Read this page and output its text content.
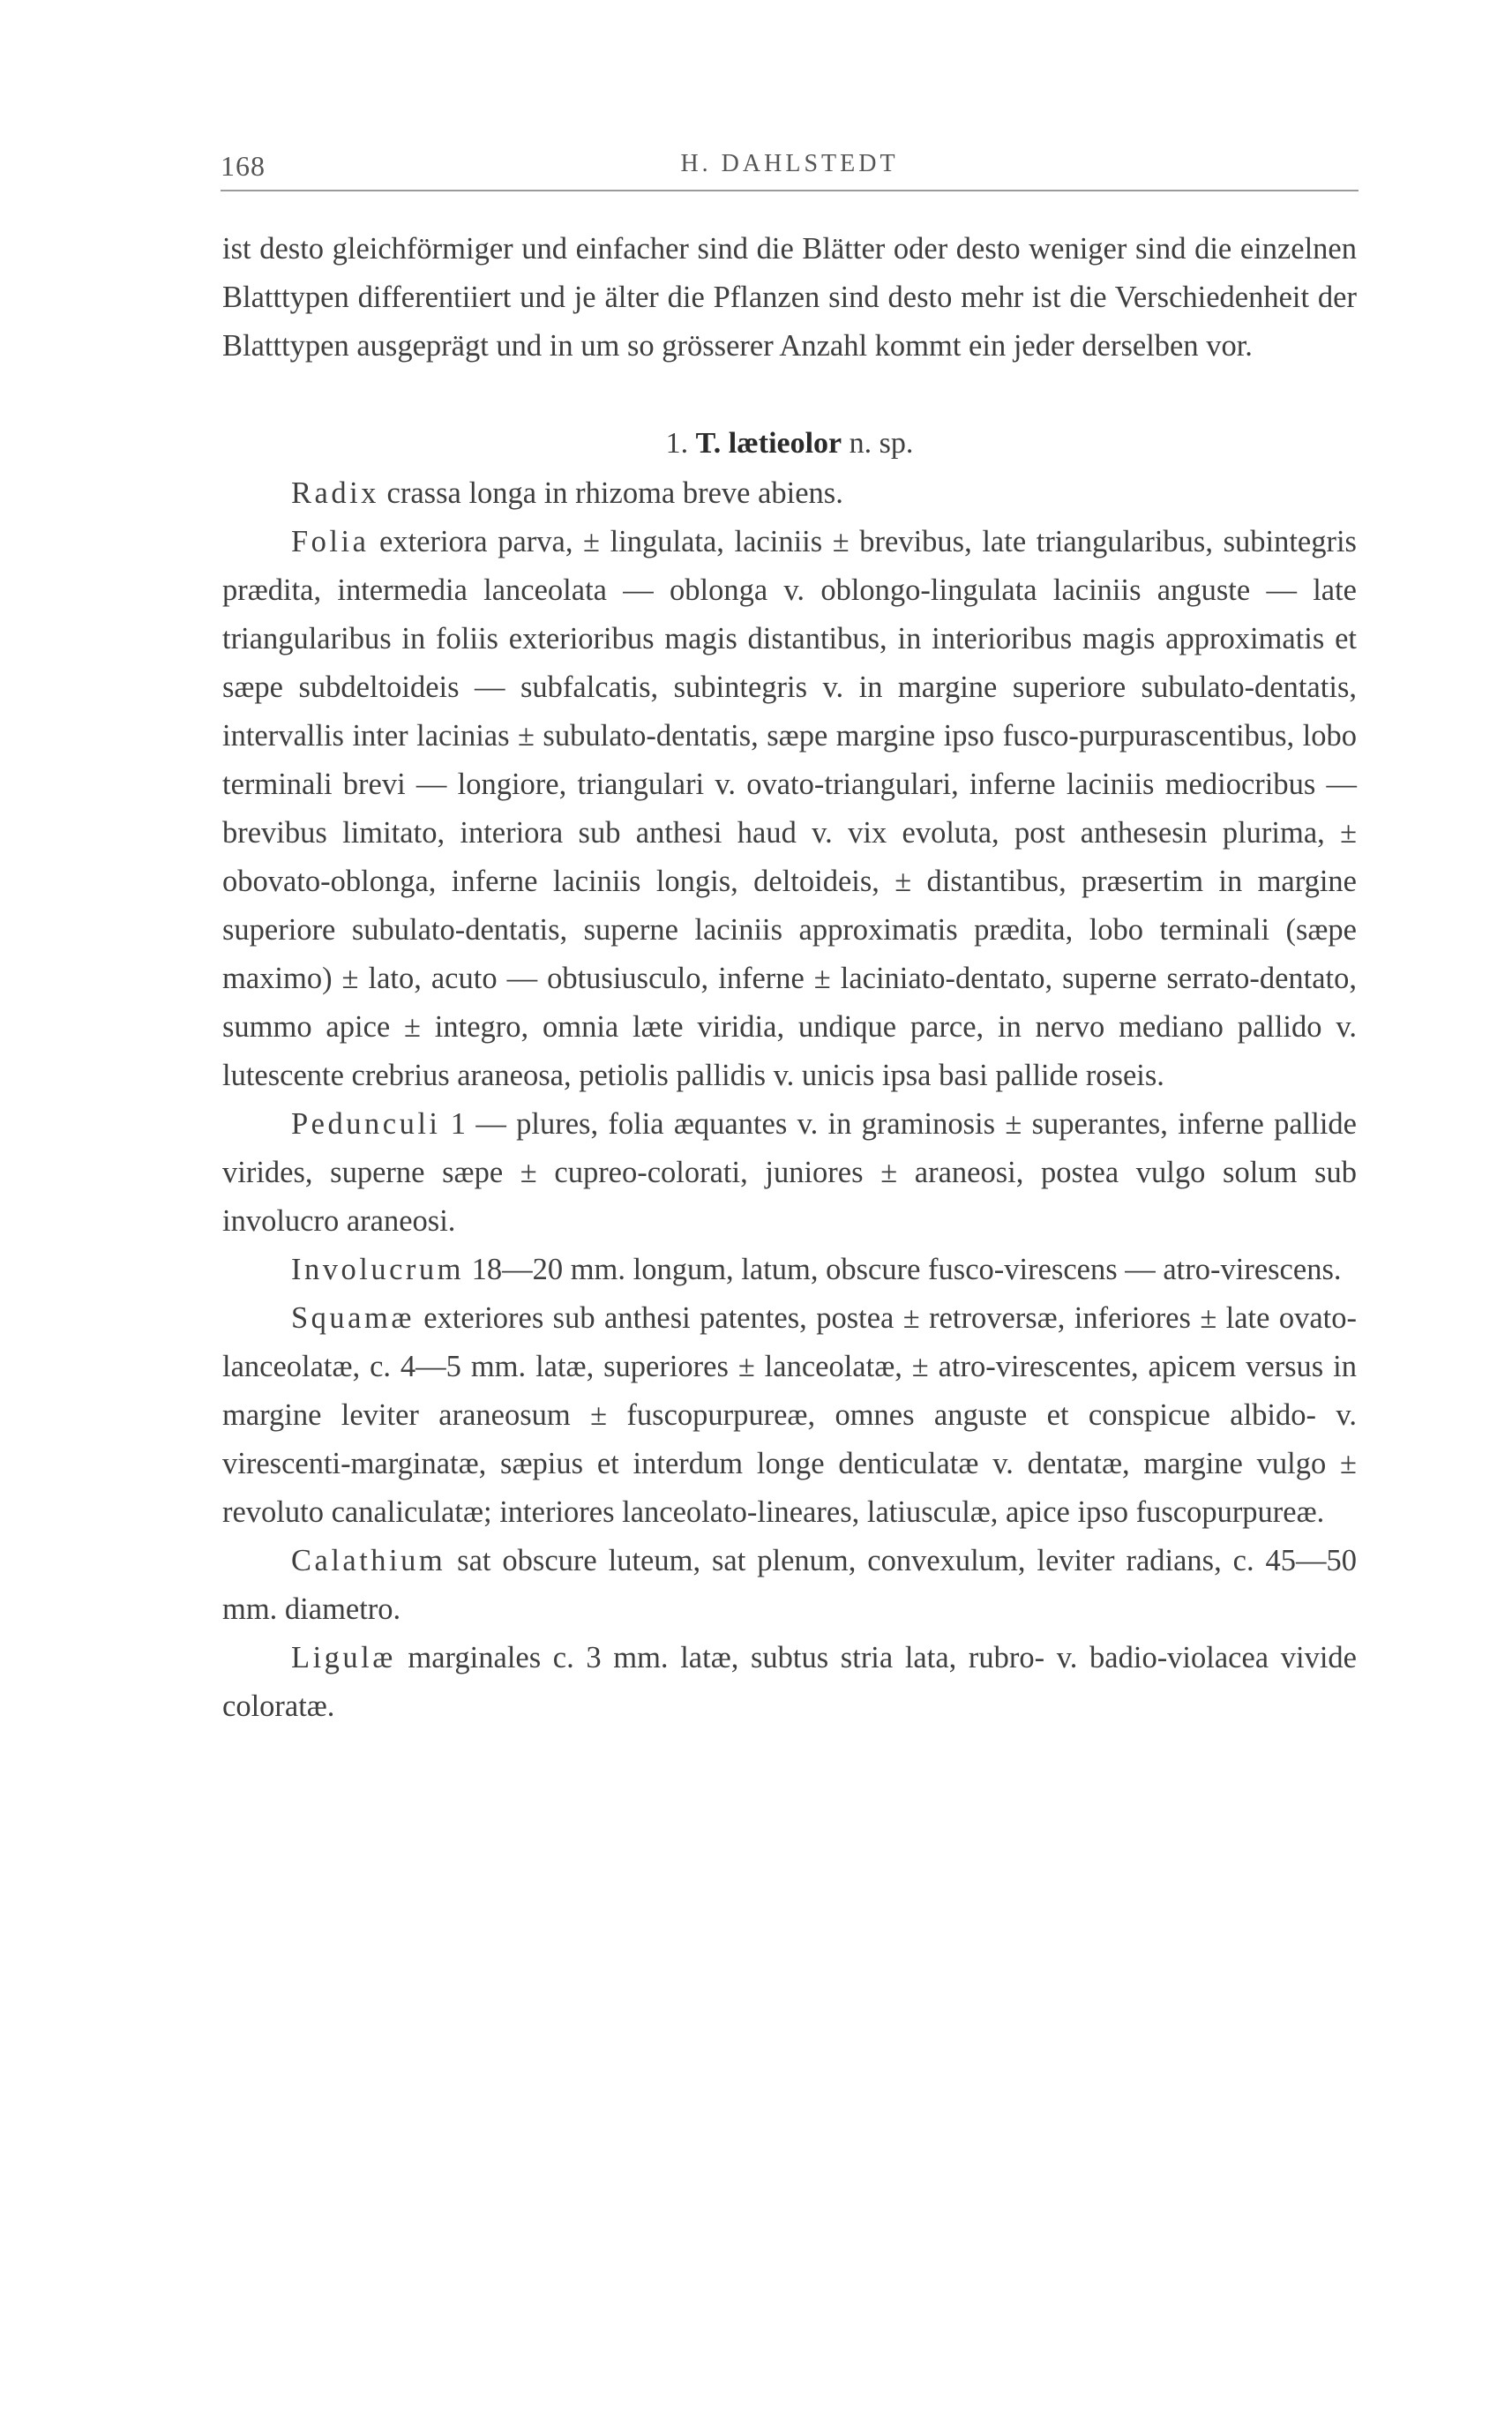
168	H. DAHLSTEDT

ist desto gleichförmiger und einfacher sind die Blätter oder desto weniger sind die einzelnen Blatttypen differentiiert und je älter die Pflanzen sind desto mehr ist die Verschiedenheit der Blatttypen ausgeprägt und in um so grösserer Anzahl kommt ein jeder derselben vor.

1. T. lætieolor n. sp.

Radix crassa longa in rhizoma breve abiens.

Folia exteriora parva, ± lingulata, laciniis ± brevibus, late triangularibus, subintegris prædita, intermedia lanceolata — oblonga v. oblongo-lingulata laciniis anguste — late triangularibus in foliis exterioribus magis distantibus, in interioribus magis approximatis et sæpe subdeltoideis — subfalcatis, subintegris v. in margine superiore subulato-dentatis, intervallis inter lacinias ± subulato-dentatis, sæpe margine ipso fusco-purpurascentibus, lobo terminali brevi — longiore, triangulari v. ovato-triangulari, inferne laciniis mediocribus — brevibus limitato, interiora sub anthesi haud v. vix evoluta, post anthesesin plurima, ± obovato-oblonga, inferne laciniis longis, deltoideis, ± distantibus, præsertim in margine superiore subulato-dentatis, superne laciniis approximatis prædita, lobo terminali (sæpe maximo) ± lato, acuto — obtusiusculo, inferne ± laciniato-dentato, superne serrato-dentato, summo apice ± integro, omnia læte viridia, undique parce, in nervo mediano pallido v. lutescente crebrius araneosa, petiolis pallidis v. unicis ipsa basi pallide roseis.

Pedunculi 1 — plures, folia æquantes v. in graminosis ± superantes, inferne pallide virides, superne sæpe ± cupreo-colorati, juniores ± araneosi, postea vulgo solum sub involucro araneosi.

Involucrum 18—20 mm. longum, latum, obscure fusco-virescens — atro-virescens.

Squamæ exteriores sub anthesi patentes, postea ± retroversæ, inferiores ± late ovato-lanceolatæ, c. 4—5 mm. latæ, superiores ± lanceolatæ, ± atro-virescentes, apicem versus in margine leviter araneosum ± fuscopurpureæ, omnes anguste et conspicue albido- v. virescenti-marginatæ, sæpius et interdum longe denticulatæ v. dentatæ, margine vulgo ± revoluto canaliculatæ; interiores lanceolato-lineares, latiusculæ, apice ipso fuscopurpureæ.

Calathium sat obscure luteum, sat plenum, convexulum, leviter radians, c. 45—50 mm. diametro.

Ligulæ marginales c. 3 mm. latæ, subtus stria lata, rubro- v. badio-violacea vivide coloratæ.
